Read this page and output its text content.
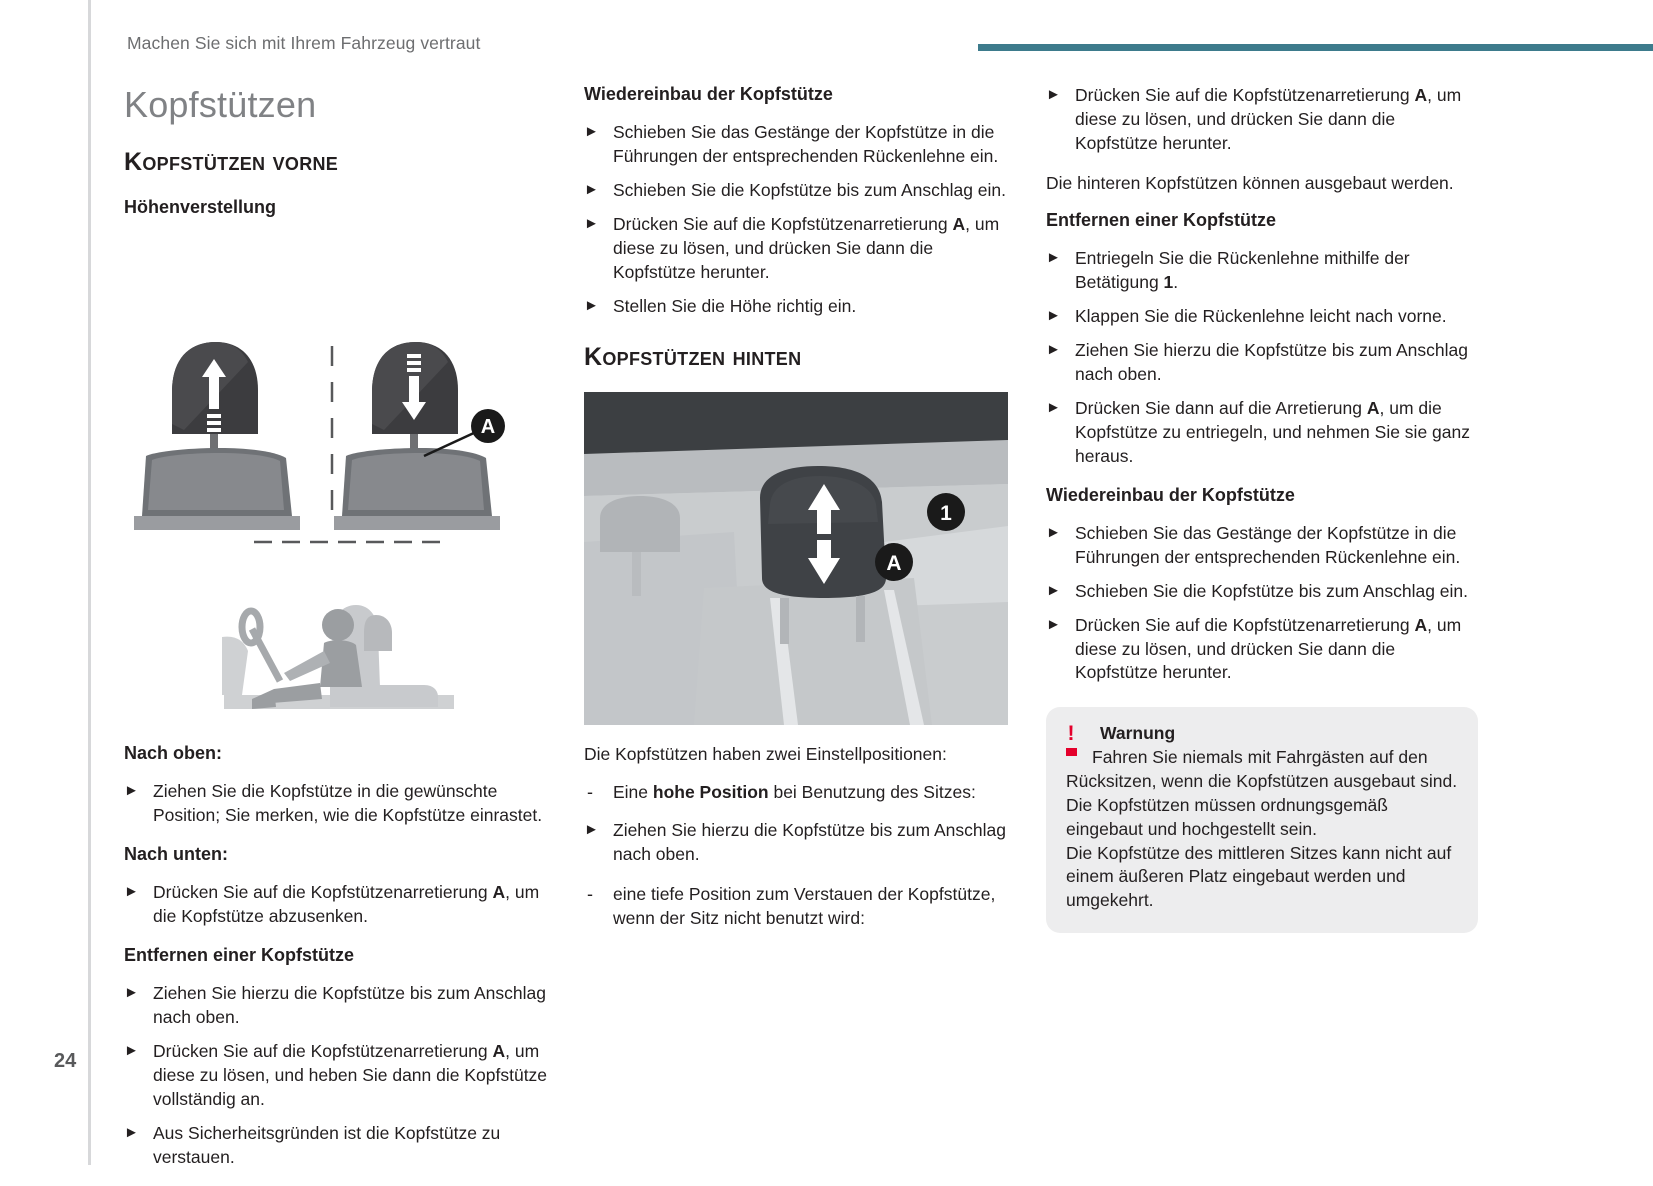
Machen Sie sich mit Ihrem Fahrzeug vertraut
24
Kopfstützen
Kopfstützen vorne
Höhenverstellung
A
Nach oben:
► Ziehen Sie die Kopfstütze in die gewünschte Position; Sie merken, wie die Kopfstütze einrastet.
Nach unten:
► Drücken Sie auf die Kopfstützenarretierung A, um die Kopfstütze abzusenken.
Entfernen einer Kopfstütze
► Ziehen Sie hierzu die Kopfstütze bis zum Anschlag nach oben.
► Drücken Sie auf die Kopfstützenarretierung A, um diese zu lösen, und heben Sie dann die Kopfstütze vollständig an.
► Aus Sicherheitsgründen ist die Kopfstütze zu verstauen.
Wiedereinbau der Kopfstütze
► Schieben Sie das Gestänge der Kopfstütze in die Führungen der entsprechenden Rückenlehne ein.
► Schieben Sie die Kopfstütze bis zum Anschlag ein.
► Drücken Sie auf die Kopfstützenarretierung A, um diese zu lösen, und drücken Sie dann die Kopfstütze herunter.
► Stellen Sie die Höhe richtig ein.
Kopfstützen hinten
1
A

Die Kopfstützen haben zwei Einstellpositionen:

- Eine hohe Position bei Benutzung des Sitzes:
► Ziehen Sie hierzu die Kopfstütze bis zum Anschlag nach oben.
- eine tiefe Position zum Verstauen der Kopfstütze, wenn der Sitz nicht benutzt wird:
► Drücken Sie auf die Kopfstützenarretierung A, um diese zu lösen, und drücken Sie dann die Kopfstütze herunter.

Die hinteren Kopfstützen können ausgebaut werden.

Entfernen einer Kopfstütze
► Entriegeln Sie die Rückenlehne mithilfe der Betätigung 1.
► Klappen Sie die Rückenlehne leicht nach vorne.
► Ziehen Sie hierzu die Kopfstütze bis zum Anschlag nach oben.
► Drücken Sie dann auf die Arretierung A, um die Kopfstütze zu entriegeln, und nehmen Sie sie ganz heraus.
Wiedereinbau der Kopfstütze
► Schieben Sie das Gestänge der Kopfstütze in die Führungen der entsprechenden Rückenlehne ein.
► Schieben Sie die Kopfstütze bis zum Anschlag ein.
► Drücken Sie auf die Kopfstützenarretierung A, um diese zu lösen, und drücken Sie dann die Kopfstütze herunter.
! Warnung

Fahren Sie niemals mit Fahrgästen auf den Rücksitzen, wenn die Kopfstützen ausgebaut sind. Die Kopfstützen müssen ordnungsgemäß eingebaut und hochgestellt sein.

Die Kopfstütze des mittleren Sitzes kann nicht auf einem äußeren Platz eingebaut werden und umgekehrt.
